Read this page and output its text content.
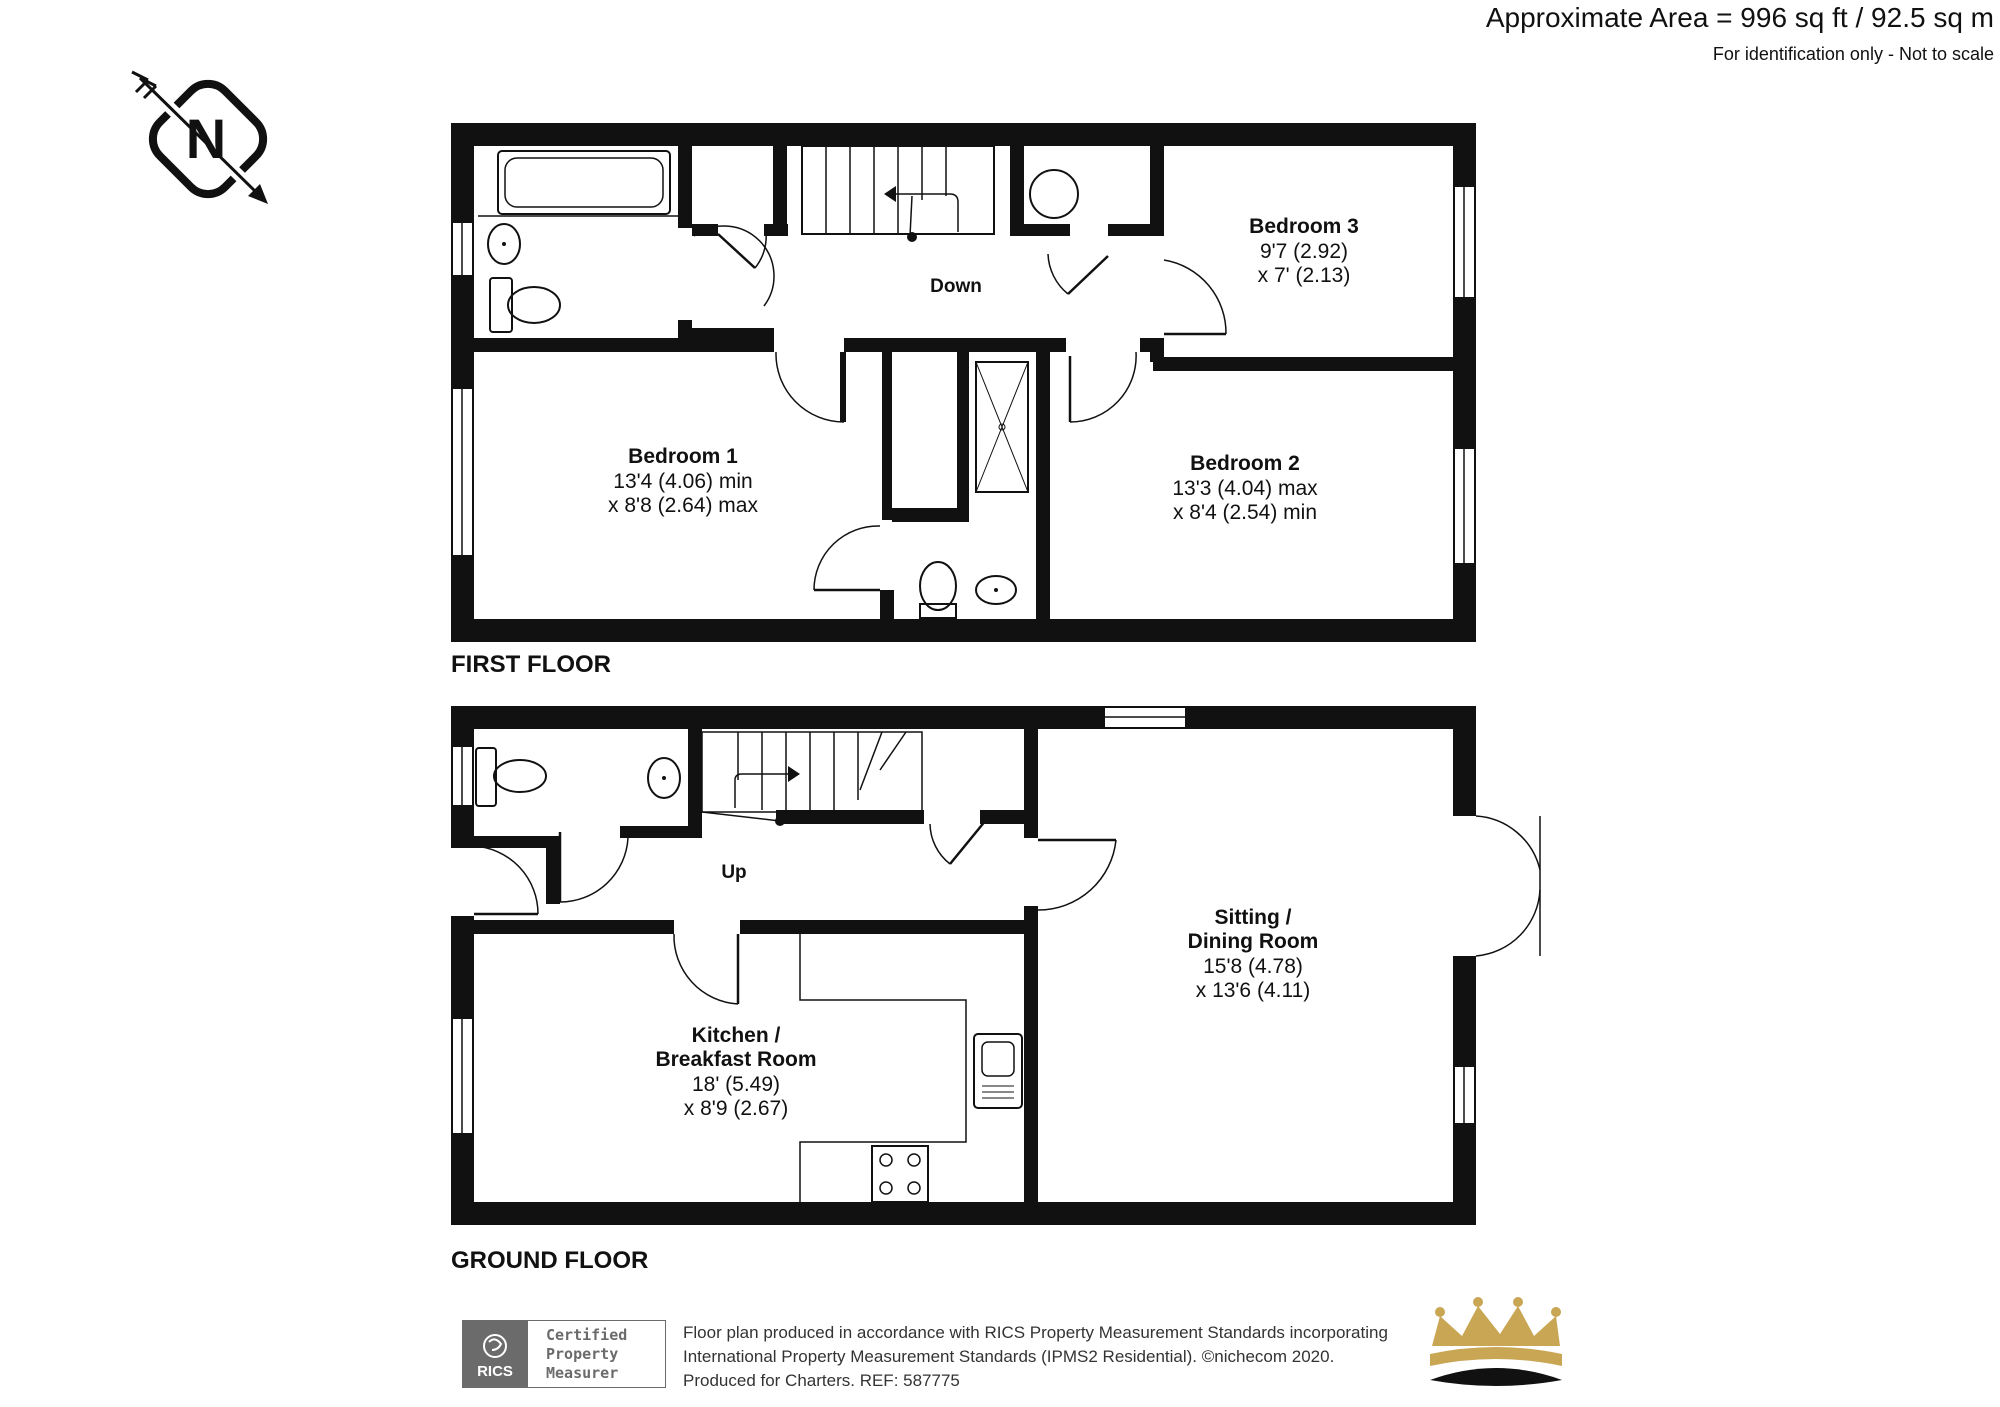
Approximate Area = 996 sq ft / 92.5 sq m
For identification only - Not to scale
N
Down
Bedroom 3
9'7 (2.92)
x 7' (2.13)
Bedroom 1
13'4 (4.06) min
x 8'8 (2.64) max
Bedroom 2
13'3 (4.04) max
x 8'4 (2.54) min
FIRST FLOOR
Up
Sitting /
Dining Room
15'8 (4.78)
x 13'6 (4.11)
Kitchen /
Breakfast Room
18' (5.49)
x 8'9 (2.67)
GROUND FLOOR
RICS
Certified
Property
Measurer
Floor plan produced in accordance with RICS Property Measurement Standards incorporating
International Property Measurement Standards (IPMS2 Residential). ©nichecom 2020.
Produced for Charters. REF: 587775
